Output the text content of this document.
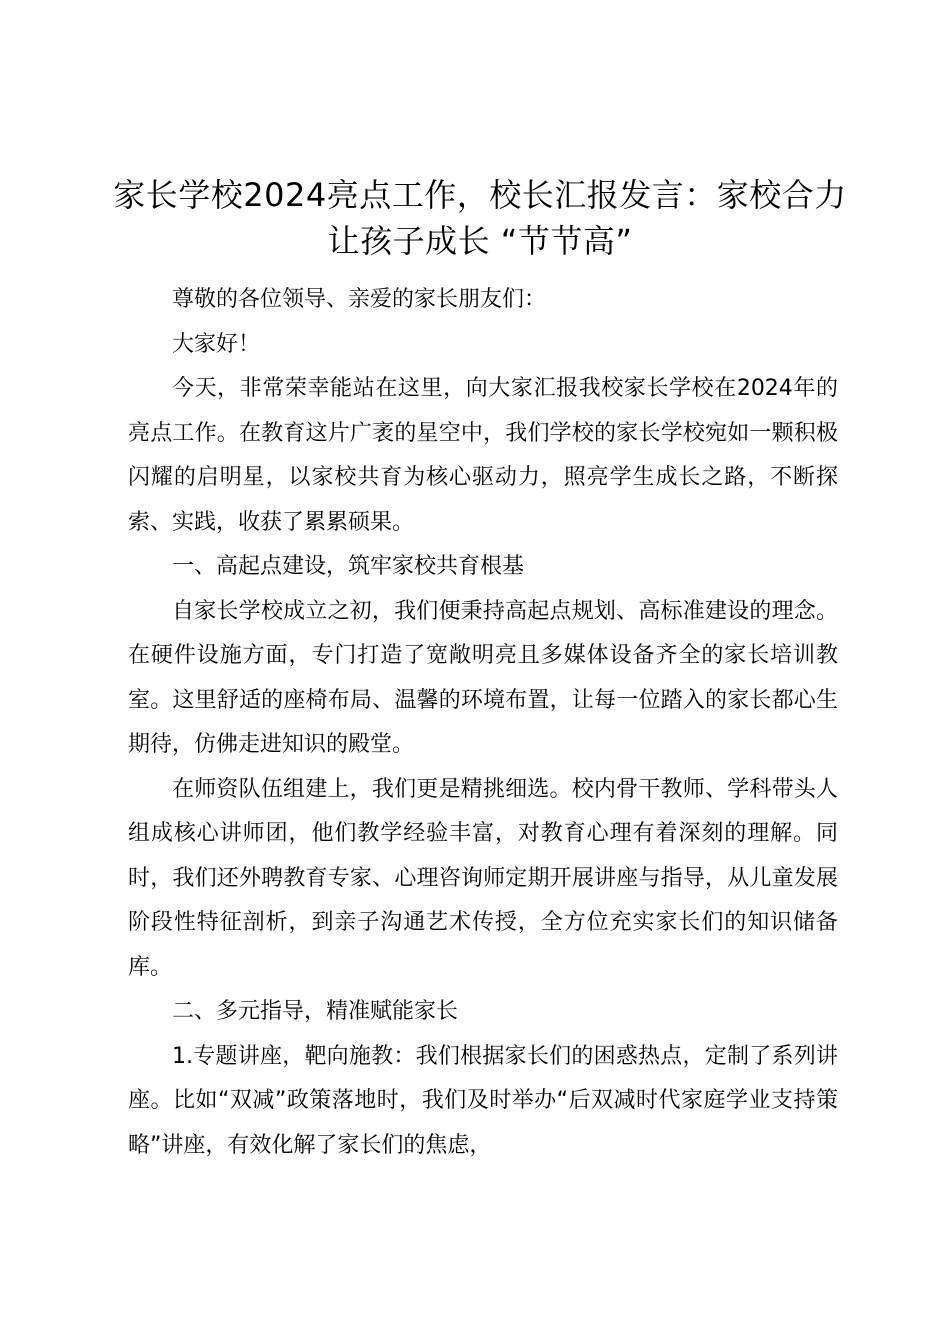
家长学校2024亮点工作，校长汇报发言：家校合力让孩子成长 “节节高”

尊敬的各位领导、亲爱的家长朋友们：

大家好！

今天，非常荣幸能站在这里，向大家汇报我校家长学校在2024年的亮点工作。在教育这片广袤的星空中，我们学校的家长学校宛如一颗积极闪耀的启明星，以家校共育为核心驱动力，照亮学生成长之路，不断探索、实践，收获了累累硕果。

一、高起点建设，筑牢家校共育根基

自家长学校成立之初，我们便秉持高起点规划、高标准建设的理念。在硬件设施方面，专门打造了宽敞明亮且多媒体设备齐全的家长培训教室。这里舒适的座椅布局、温馨的环境布置，让每一位踏入的家长都心生期待，仿佛走进知识的殿堂。

在师资队伍组建上，我们更是精挑细选。校内骨干教师、学科带头人组成核心讲师团，他们教学经验丰富，对教育心理有着深刻的理解。同时，我们还外聘教育专家、心理咨询师定期开展讲座与指导，从儿童发展阶段性特征剖析，到亲子沟通艺术传授，全方位充实家长们的知识储备库。

二、多元指导，精准赋能家长

1.专题讲座，靶向施教：我们根据家长们的困惑热点，定制了系列讲座。比如“双减”政策落地时，我们及时举办“后双减时代家庭学业支持策略”讲座，有效化解了家长们的焦虑，
